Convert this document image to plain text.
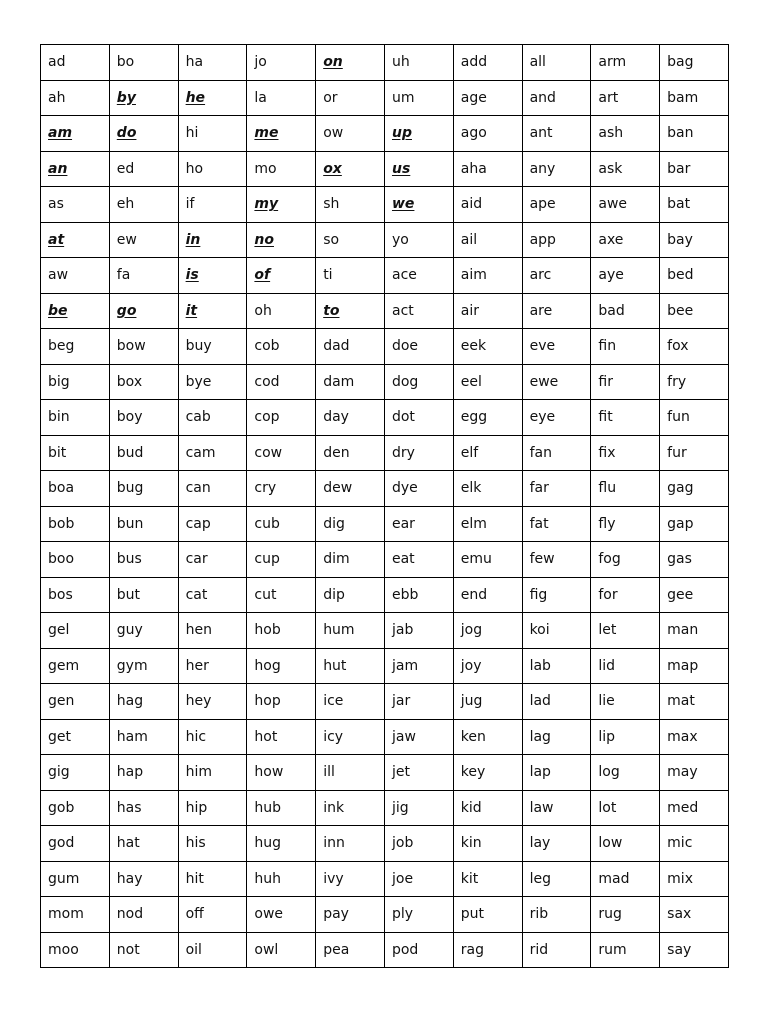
ad	bo	ha	jo	on	uh	add	all	arm	bag
ah	by	he	la	or	um	age	and	art	bam
am	do	hi	me	ow	up	ago	ant	ash	ban
an	ed	ho	mo	ox	us	aha	any	ask	bar
as	eh	if	my	sh	we	aid	ape	awe	bat
at	ew	in	no	so	yo	ail	app	axe	bay
aw	fa	is	of	ti	ace	aim	arc	aye	bed
be	go	it	oh	to	act	air	are	bad	bee
beg	bow	buy	cob	dad	doe	eek	eve	fin	fox
big	box	bye	cod	dam	dog	eel	ewe	fir	fry
bin	boy	cab	cop	day	dot	egg	eye	fit	fun
bit	bud	cam	cow	den	dry	elf	fan	fix	fur
boa	bug	can	cry	dew	dye	elk	far	flu	gag
bob	bun	cap	cub	dig	ear	elm	fat	fly	gap
boo	bus	car	cup	dim	eat	emu	few	fog	gas
bos	but	cat	cut	dip	ebb	end	fig	for	gee
gel	guy	hen	hob	hum	jab	jog	koi	let	man
gem	gym	her	hog	hut	jam	joy	lab	lid	map
gen	hag	hey	hop	ice	jar	jug	lad	lie	mat
get	ham	hic	hot	icy	jaw	ken	lag	lip	max
gig	hap	him	how	ill	jet	key	lap	log	may
gob	has	hip	hub	ink	jig	kid	law	lot	med
god	hat	his	hug	inn	job	kin	lay	low	mic
gum	hay	hit	huh	ivy	joe	kit	leg	mad	mix
mom	nod	off	owe	pay	ply	put	rib	rug	sax
moo	not	oil	owl	pea	pod	rag	rid	rum	say
